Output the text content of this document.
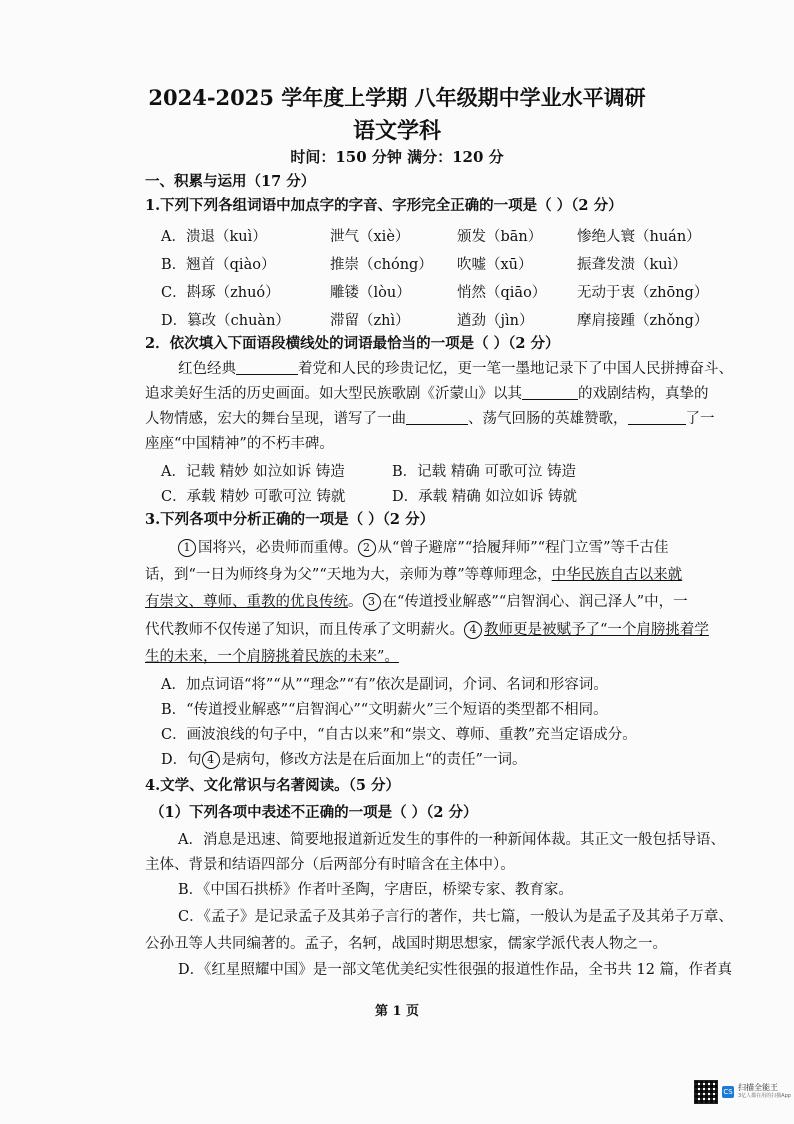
2024-2025 学年度上学期 八年级期中学业水平调研
语文学科
时间：150 分钟 满分：120 分
一、积累与运用（17 分）
1.下列下列各组词语中加点字的字音、字形完全正确的一项是（ ）（2 分）
A．溃退（kuì）	泄气（xiè）	颁发（bān） 惨绝人寰（huán）
B．翘首（qiào）	推崇（chóng） 吹嘘（xū）	振聋发溃（kuì）
C．斟琢（zhuó）	雕镂（lòu）	悄然（qiāo） 无动于衷（zhōng）
D．篡改（chuàn）	滞留（zhì）	遒劲（jìn）	摩肩接踵（zhǒng）
2．依次填入下面语段横线处的词语最恰当的一项是（ ）（2 分）
红色经典	着党和人民的珍贵记忆，更一笔一墨地记录下了中国人民拼搏奋斗、
追求美好生活的历史画面。如大型民族歌剧《沂蒙山》以其	的戏剧结构，真挚的
人物情感，宏大的舞台呈现，谱写了一曲	、荡气回肠的英雄赞歌，	了一
座座“中国精神”的不朽丰碑。
A．记载 精妙 如泣如诉 铸造	B．记载 精确 可歌可泣 铸造
C．承载 精妙 可歌可泣 铸就	D．承载 精确 如泣如诉 铸就
3.下列各项中分析正确的一项是（ ）（2 分）
1 国将兴，必贵师而重傅。 2 从“曾子避席”“拾履拜师”“程门立雪”等千古佳
话，到“一日为师终身为父”“天地为大，亲师为尊”等尊师理念，中华民族自古以来就
有崇文、尊师、重教的优良传统。 3 在“传道授业解惑”“启智润心、润己泽人”中，一
代代教师不仅传递了知识，而且传承了文明薪火。 4 教师更是被赋予了“一个肩膀挑着学
生的未来，一个肩膀挑着民族的未来”。
A．加点词语“将”“从”“理念”“有”依次是副词，介词、名词和形容词。
B．“传道授业解惑”“启智润心”“文明薪火”三个短语的类型都不相同。
C．画波浪线的句子中，“自古以来”和“崇文、尊师、重教”充当定语成分。
D．句 4 是病句，修改方法是在后面加上“的责任”一词。
4.文学、文化常识与名著阅读。（5 分）
（1）下列各项中表述不正确的一项是（ ）（2 分）
A．消息是迅速、简要地报道新近发生的事件的一种新闻体裁。其正文一般包括导语、
主体、背景和结语四部分（后两部分有时暗含在主体中）。
B．《中国石拱桥》作者叶圣陶，字唐臣，桥梁专家、教育家。
C．《孟子》是记录孟子及其弟子言行的著作，共七篇，一般认为是孟子及其弟子万章、
公孙丑等人共同编著的。孟子，名轲，战国时期思想家，儒家学派代表人物之一。
D．《红星照耀中国》是一部文笔优美纪实性很强的报道性作品，全书共 12 篇，作者真
第 1 页
CS 扫描全能王
3亿人都在用的扫描App
